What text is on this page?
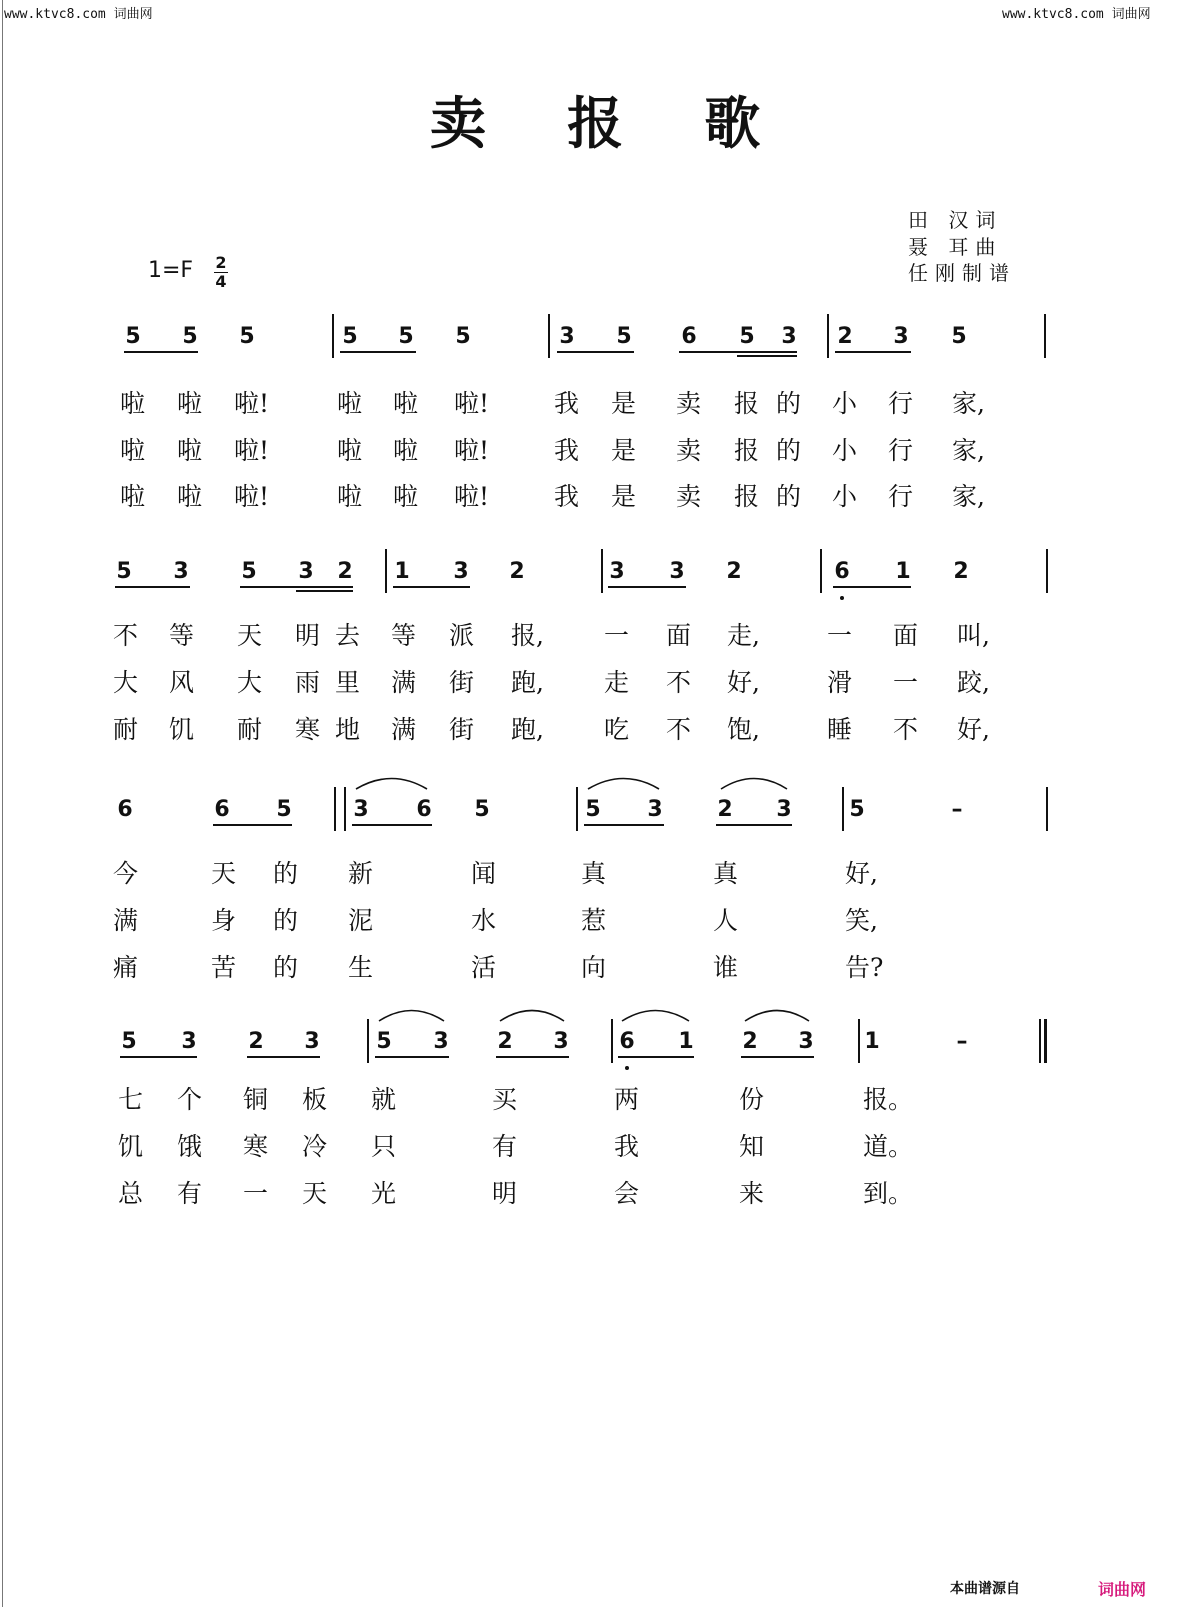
www.ktvc8.com 词曲网	www.ktvc8.com 词曲网
卖 报 歌
田 汉词
聂 耳曲
任刚制谱
1=F 2
4
5 5 5	5 5 5	3 5 6 5 3 2 3 5
啦 啦 啦!	啦 啦 啦!	我 是 卖 报 的 小 行 家,
啦 啦 啦!	啦 啦 啦!	我 是 卖 报 的 小 行 家,
啦 啦 啦!	啦 啦 啦!	我 是 卖 报 的 小 行 家,
5 3 5 3 2 1 3 2	3 3 2	6 1 2
不 等 天 明 去 等 派 报, 一 面 走,	一 面 叫,
大 风 大 雨 里 满 街 跑, 走 不 好,	滑 一 跤,
耐 饥 耐 寒 地 满 街 跑, 吃 不 饱,	睡 不 好,
6	6 5	3 6 5	5 3 2 3	5	–
今	天 的 新	闻	真	真	好,
满	身 的 泥	水	惹	人	笑,
痛	苦 的 生	活	向	谁	告?
5 3 2 3	5 3 2 3 6 1 2 3 1	–
七 个 铜 板 就	买	两	份	报。
饥 饿 寒 冷 只	有	我	知	道。
总 有 一 天 光	明	会	来	到。
本曲谱源自	词曲网
